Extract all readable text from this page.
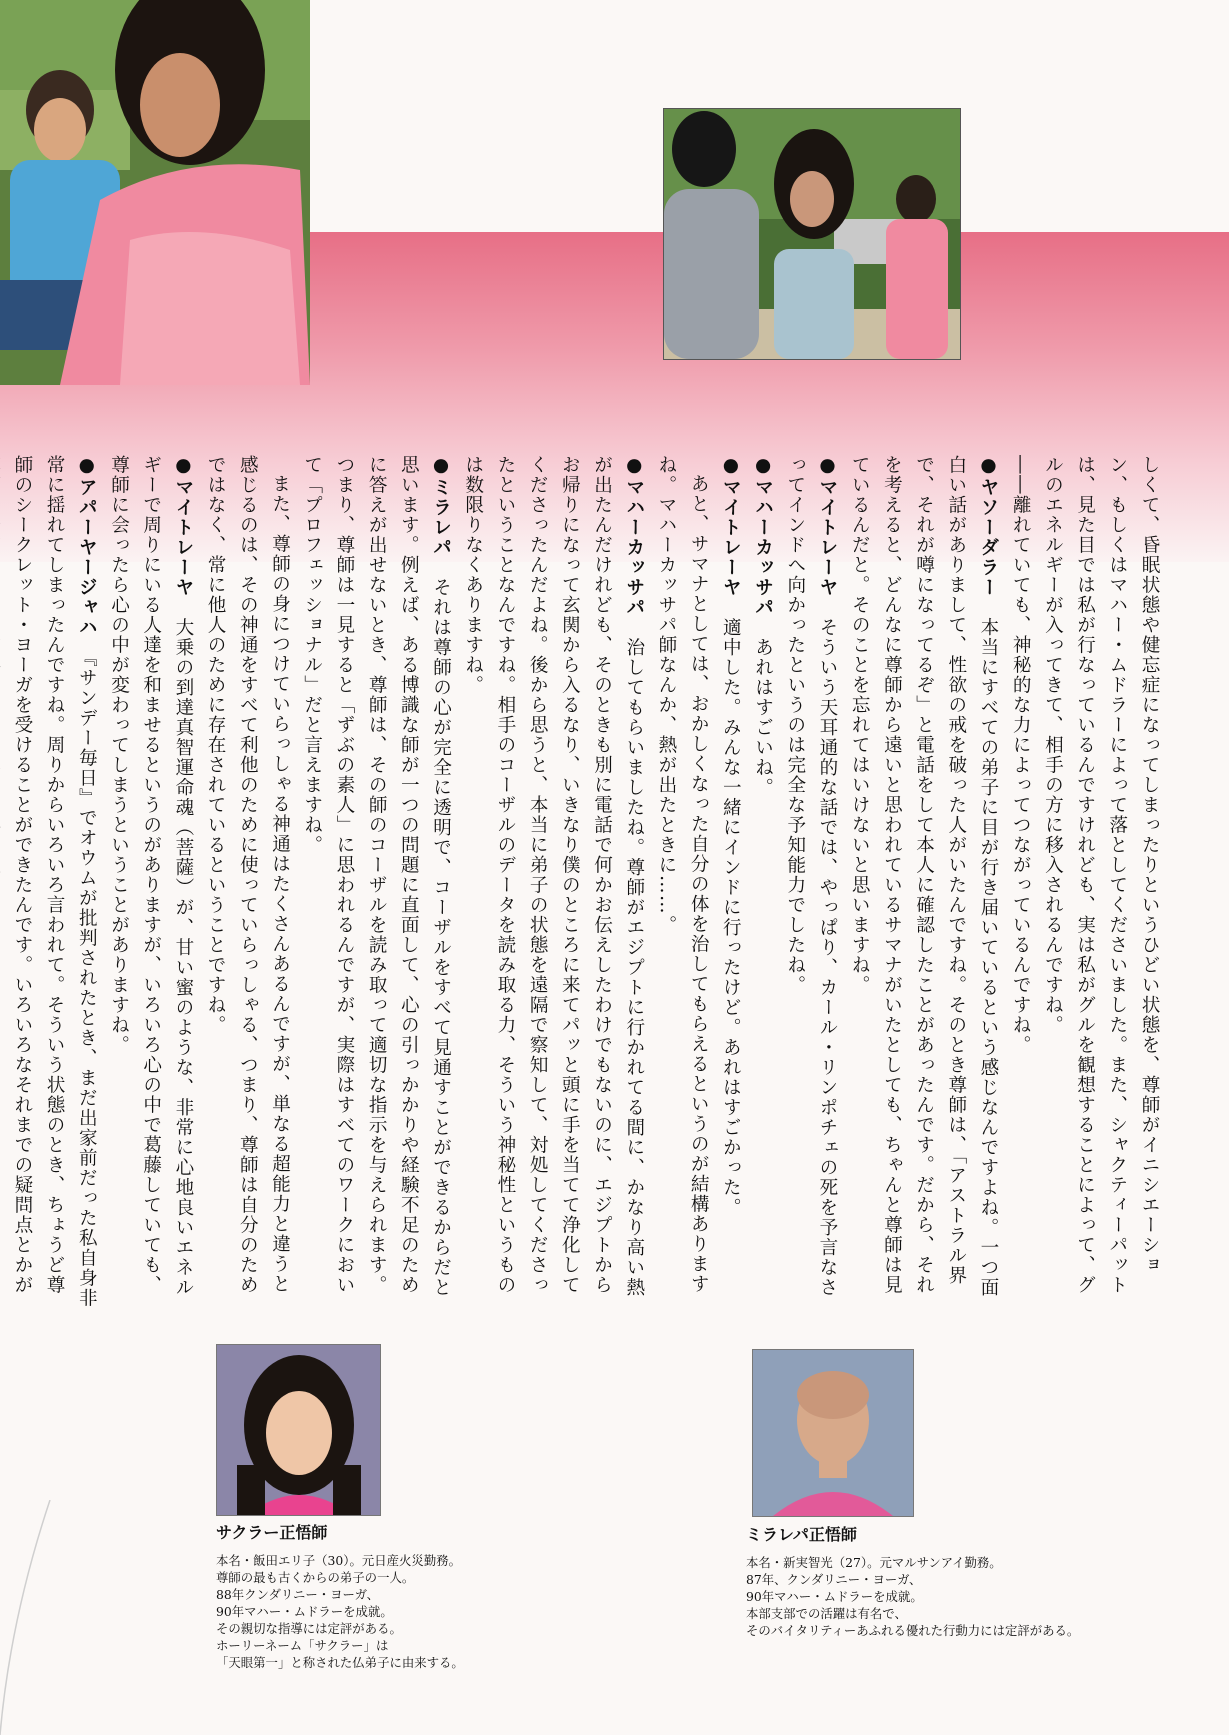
しくて、昏眠状態や健忘症になってしまったりというひどい状態を、尊師がイニシエーション、もしくはマハー・ムドラーによって落としてくださいました。また、シャクティーパットは、見た目では私が行なっているんですけれども、実は私がグルを観想することによって、グルのエネルギーが入ってきて、相手の方に移入されるんですね。

――離れていても、神秘的な力によってつながっているんですね。

●ヤソーダラー　本当にすべての弟子に目が行き届いているという感じなんですよね。一つ面白い話がありまして、性欲の戒を破った人がいたんですね。そのとき尊師は、「アストラル界で、それが噂になってるぞ」と電話をして本人に確認したことがあったんです。だから、それを考えると、どんなに尊師から遠いと思われているサマナがいたとしても、ちゃんと尊師は見ているんだと。そのことを忘れてはいけないと思いますね。

●マイトレーヤ　そういう天耳通的な話では、やっぱり、カール・リンポチェの死を予言なさってインドへ向かったというのは完全な予知能力でしたね。

●マハーカッサパ　あれはすごいね。

●マイトレーヤ　適中した。みんな一緒にインドに行ったけど。あれはすごかった。

あと、サマナとしては、おかしくなった自分の体を治してもらえるというのが結構ありますね。マハーカッサパ師なんか、熱が出たときに……。

●マハーカッサパ　治してもらいましたね。尊師がエジプトに行かれてる間に、かなり高い熱が出たんだけれども、そのときも別に電話で何かお伝えしたわけでもないのに、エジプトからお帰りになって玄関から入るなり、いきなり僕のところに来てパッと頭に手を当てて浄化してくださったんだよね。後から思うと、本当に弟子の状態を遠隔で察知して、対処してくださったということなんですね。相手のコーザルのデータを読み取る力、そういう神秘性というものは数限りなくありますね。

●ミラレパ　それは尊師の心が完全に透明で、コーザルをすべて見通すことができるからだと思います。例えば、ある博識な師が一つの問題に直面して、心の引っかかりや経験不足のために答えが出せないとき、尊師は、その師のコーザルを読み取って適切な指示を与えられます。つまり、尊師は一見すると「ずぶの素人」に思われるんですが、実際はすべてのワークにおいて「プロフェッショナル」だと言えますね。

また、尊師の身につけていらっしゃる神通はたくさんあるんですが、単なる超能力と違うと感じるのは、その神通をすべて利他のために使っていらっしゃる、つまり、尊師は自分のためではなく、常に他人のために存在されているということですね。

●マイトレーヤ　大乗の到達真智運命魂（菩薩）が、甘い蜜のような、非常に心地良いエネルギーで周りにいる人達を和ませるというのがありますが、いろいろ心の中で葛藤していても、尊師に会ったら心の中が変わってしまうということがありますね。

●アパーヤージャハ　『サンデー毎日』でオウムが批判されたとき、まだ出家前だった私自身非常に揺れてしまったんですね。周りからいろいろ言われて。そういう状態のとき、ちょうど尊師のシークレット・ヨーガを受けることができたんです。いろいろなそれまでの疑問点とかが

サクラー正悟師
本名・飯田エリ子（30）。元日産火災勤務。
尊師の最も古くからの弟子の一人。
88年クンダリニー・ヨーガ、
90年マハー・ムドラーを成就。
その親切な指導には定評がある。
ホーリーネーム「サクラー」は
「天眼第一」と称された仏弟子に由来する。
ミラレパ正悟師
本名・新実智光（27）。元マルサンアイ勤務。
87年、クンダリニー・ヨーガ、
90年マハー・ムドラーを成就。
本部支部での活躍は有名で、
そのバイタリティーあふれる優れた行動力には定評がある。
